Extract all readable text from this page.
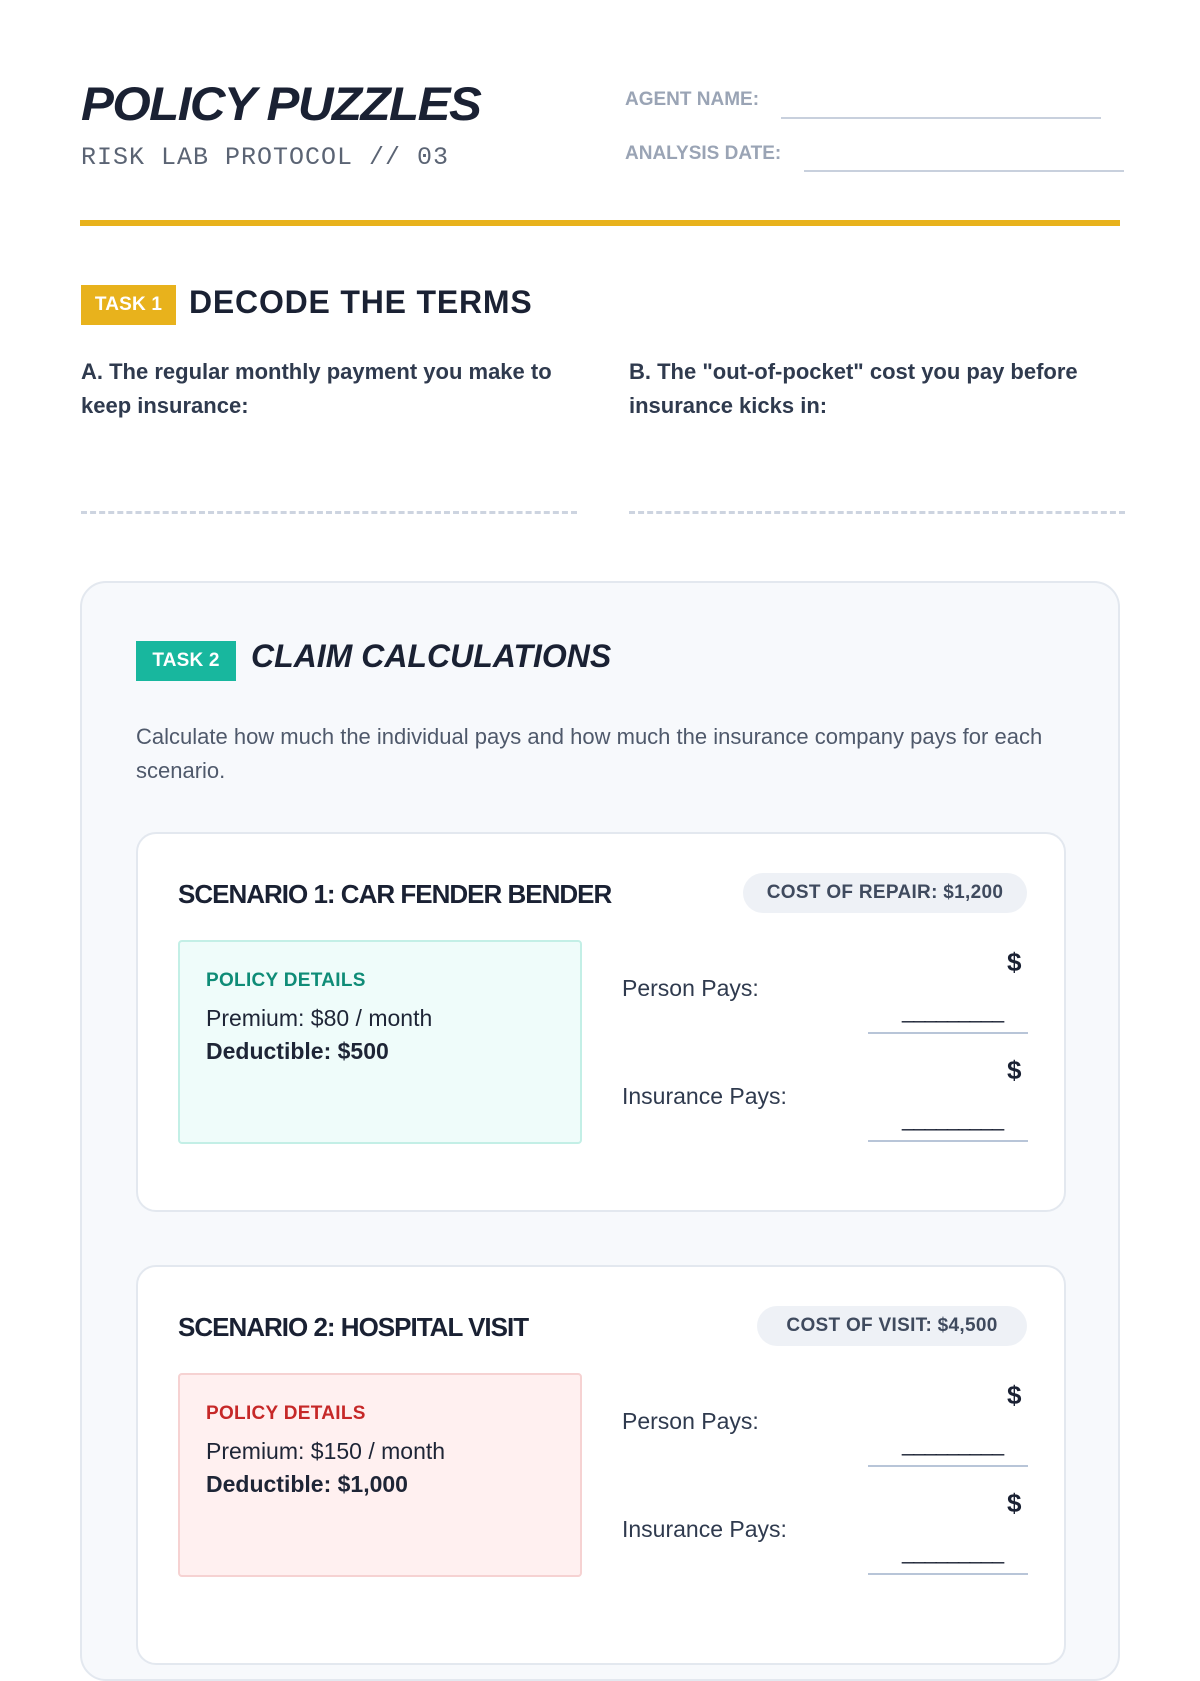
POLICY PUZZLES
RISK LAB PROTOCOL // 03
AGENT NAME:
ANALYSIS DATE:
TASK 1 DECODE THE TERMS
A. The regular monthly payment you make to keep insurance:
B. The "out-of-pocket" cost you pay before insurance kicks in:
TASK 2 CLAIM CALCULATIONS
Calculate how much the individual pays and how much the insurance company pays for each scenario.
SCENARIO 1: CAR FENDER BENDER	COST OF REPAIR: $1,200
POLICY DETAILS
Premium: $80 / month
Deductible: $500
Person Pays:
$
_________
Insurance Pays:
$
_________
SCENARIO 2: HOSPITAL VISIT	COST OF VISIT: $4,500
POLICY DETAILS
Premium: $150 / month
Deductible: $1,000
Person Pays:
$
_________
Insurance Pays:
$
_________
